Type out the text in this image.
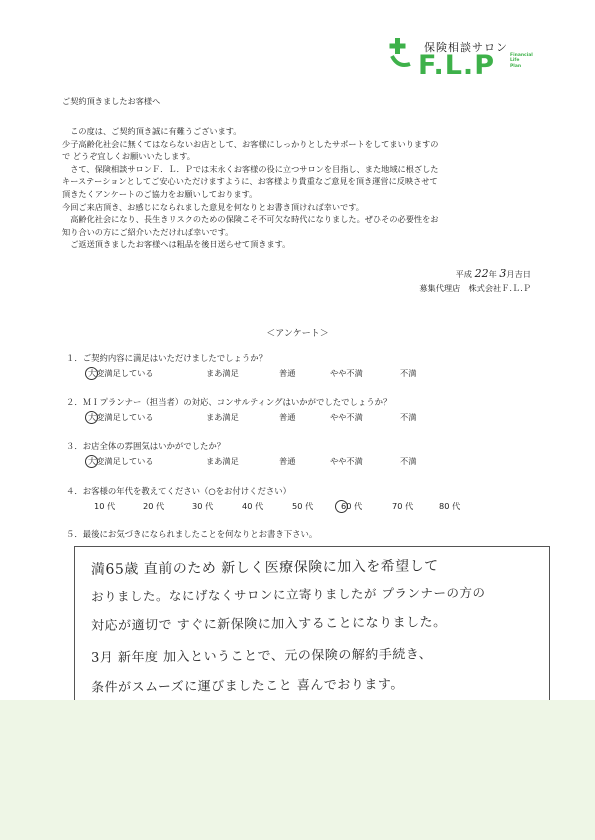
保険相談サロン
F.L.P	Financial
Life
Plan
ご契約頂きましたお客様へ

　この度は、ご契約頂き誠に有難うございます。

少子高齢化社会に無くてはならないお店として、お客様にしっかりとしたサポートをしてまいりますの

で どうぞ宜しくお願いいたします。

　さて、保険相談サロンＦ．Ｌ．Ｐでは末永くお客様の役に立つサロンを目指し、また地域に根ざした

キーステーションとしてご安心いただけますように、お客様より貴重なご意見を頂き運営に反映させて

頂きたくアンケートのご協力をお願いしております。

今回ご来店頂き、お感じになられました意見を何なりとお書き頂ければ幸いです。

　高齢化社会になり、長生きリスクのための保険こそ不可欠な時代になりました。ぜひその必要性をお

知り合いの方にご紹介いただければ幸いです。

　ご返送頂きましたお客様へは粗品を後日送らせて頂きます。

平成 22年 3月吉日
募集代理店　株式会社Ｆ.Ｌ.Ｐ
＜アンケート＞
１．ご契約内容に満足はいただけましたでしょうか？
大変満足している	まあ満足	普通	やや不満	不満
２．ＭＩプランナー（担当者）の対応、コンサルティングはいかがでしたでしょうか？
大変満足している	まあ満足	普通	やや不満	不満
３．お店全体の雰囲気はいかがでしたか？
大変満足している	まあ満足	普通	やや不満	不満
４．お客様の年代を教えてください（○をお付けください）
10 代	20 代	30 代	40 代	50 代	60 代	70 代	80 代
５．最後にお気づきになられましたことを何なりとお書き下さい。
満65歳 直前のため 新しく医療保険に加入を希望して
おりました。なにげなくサロンに立寄りましたが プランナーの方の
対応が適切で すぐに新保険に加入することになりました。
3月 新年度 加入ということで、元の保険の解約手続き、
条件がスムーズに運びましたこと 喜んでおります。
